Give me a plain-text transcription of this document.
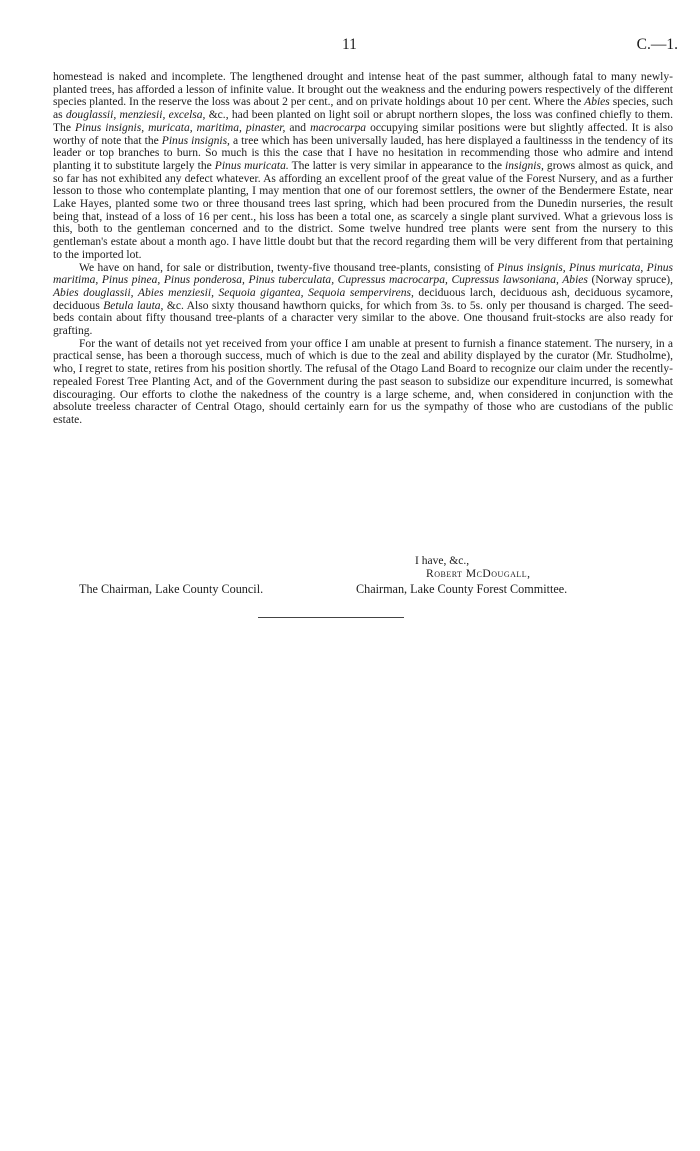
11	C.—1.

homestead is naked and incomplete. The lengthened drought and intense heat of the past summer, although fatal to many newly-planted trees, has afforded a lesson of infinite value. It brought out the weakness and the enduring powers respectively of the different species planted. In the reserve the loss was about 2 per cent., and on private holdings about 10 per cent. Where the Abies species, such as douglassii, menziesii, excelsa, &c., had been planted on light soil or abrupt northern slopes, the loss was confined chiefly to them. The Pinus insignis, muricata, maritima, pinaster, and macrocarpa occupying similar positions were but slightly affected. It is also worthy of note that the Pinus insignis, a tree which has been universally lauded, has here displayed a faultinesss in the tendency of its leader or top branches to burn. So much is this the case that I have no hesitation in recommending those who admire and intend planting it to substitute largely the Pinus muricata. The latter is very similar in appearance to the insignis, grows almost as quick, and so far has not exhibited any defect whatever. As affording an excellent proof of the great value of the Forest Nursery, and as a further lesson to those who contemplate planting, I may mention that one of our foremost settlers, the owner of the Bendermere Estate, near Lake Hayes, planted some two or three thousand trees last spring, which had been procured from the Dunedin nurseries, the result being that, instead of a loss of 16 per cent., his loss has been a total one, as scarcely a single plant survived. What a grievous loss is this, both to the gentleman concerned and to the district. Some twelve hundred tree plants were sent from the nursery to this gentleman's estate about a month ago. I have little doubt but that the record regarding them will be very different from that pertaining to the imported lot.

We have on hand, for sale or distribution, twenty-five thousand tree-plants, consisting of Pinus insignis, Pinus muricata, Pinus maritima, Pinus pinea, Pinus ponderosa, Pinus tuberculata, Cupressus macrocarpa, Cupressus lawsoniana, Abies (Norway spruce), Abies douglassii, Abies menziesii, Sequoia gigantea, Sequoia sempervirens, deciduous larch, deciduous ash, deciduous sycamore, deciduous Betula lauta, &c. Also sixty thousand hawthorn quicks, for which from 3s. to 5s. only per thousand is charged. The seed-beds contain about fifty thousand tree-plants of a character very similar to the above. One thousand fruit-stocks are also ready for grafting.

For the want of details not yet received from your office I am unable at present to furnish a finance statement. The nursery, in a practical sense, has been a thorough success, much of which is due to the zeal and ability displayed by the curator (Mr. Studholme), who, I regret to state, retires from his position shortly. The refusal of the Otago Land Board to recognize our claim under the recently-repealed Forest Tree Planting Act, and of the Government during the past season to subsidize our expenditure incurred, is somewhat discouraging. Our efforts to clothe the nakedness of the country is a large scheme, and, when considered in conjunction with the absolute treeless character of Central Otago, should certainly earn for us the sympathy of those who are custodians of the public estate.

I have, &c.,
Robert McDougall,
The Chairman, Lake County Council.	Chairman, Lake County Forest Committee.
